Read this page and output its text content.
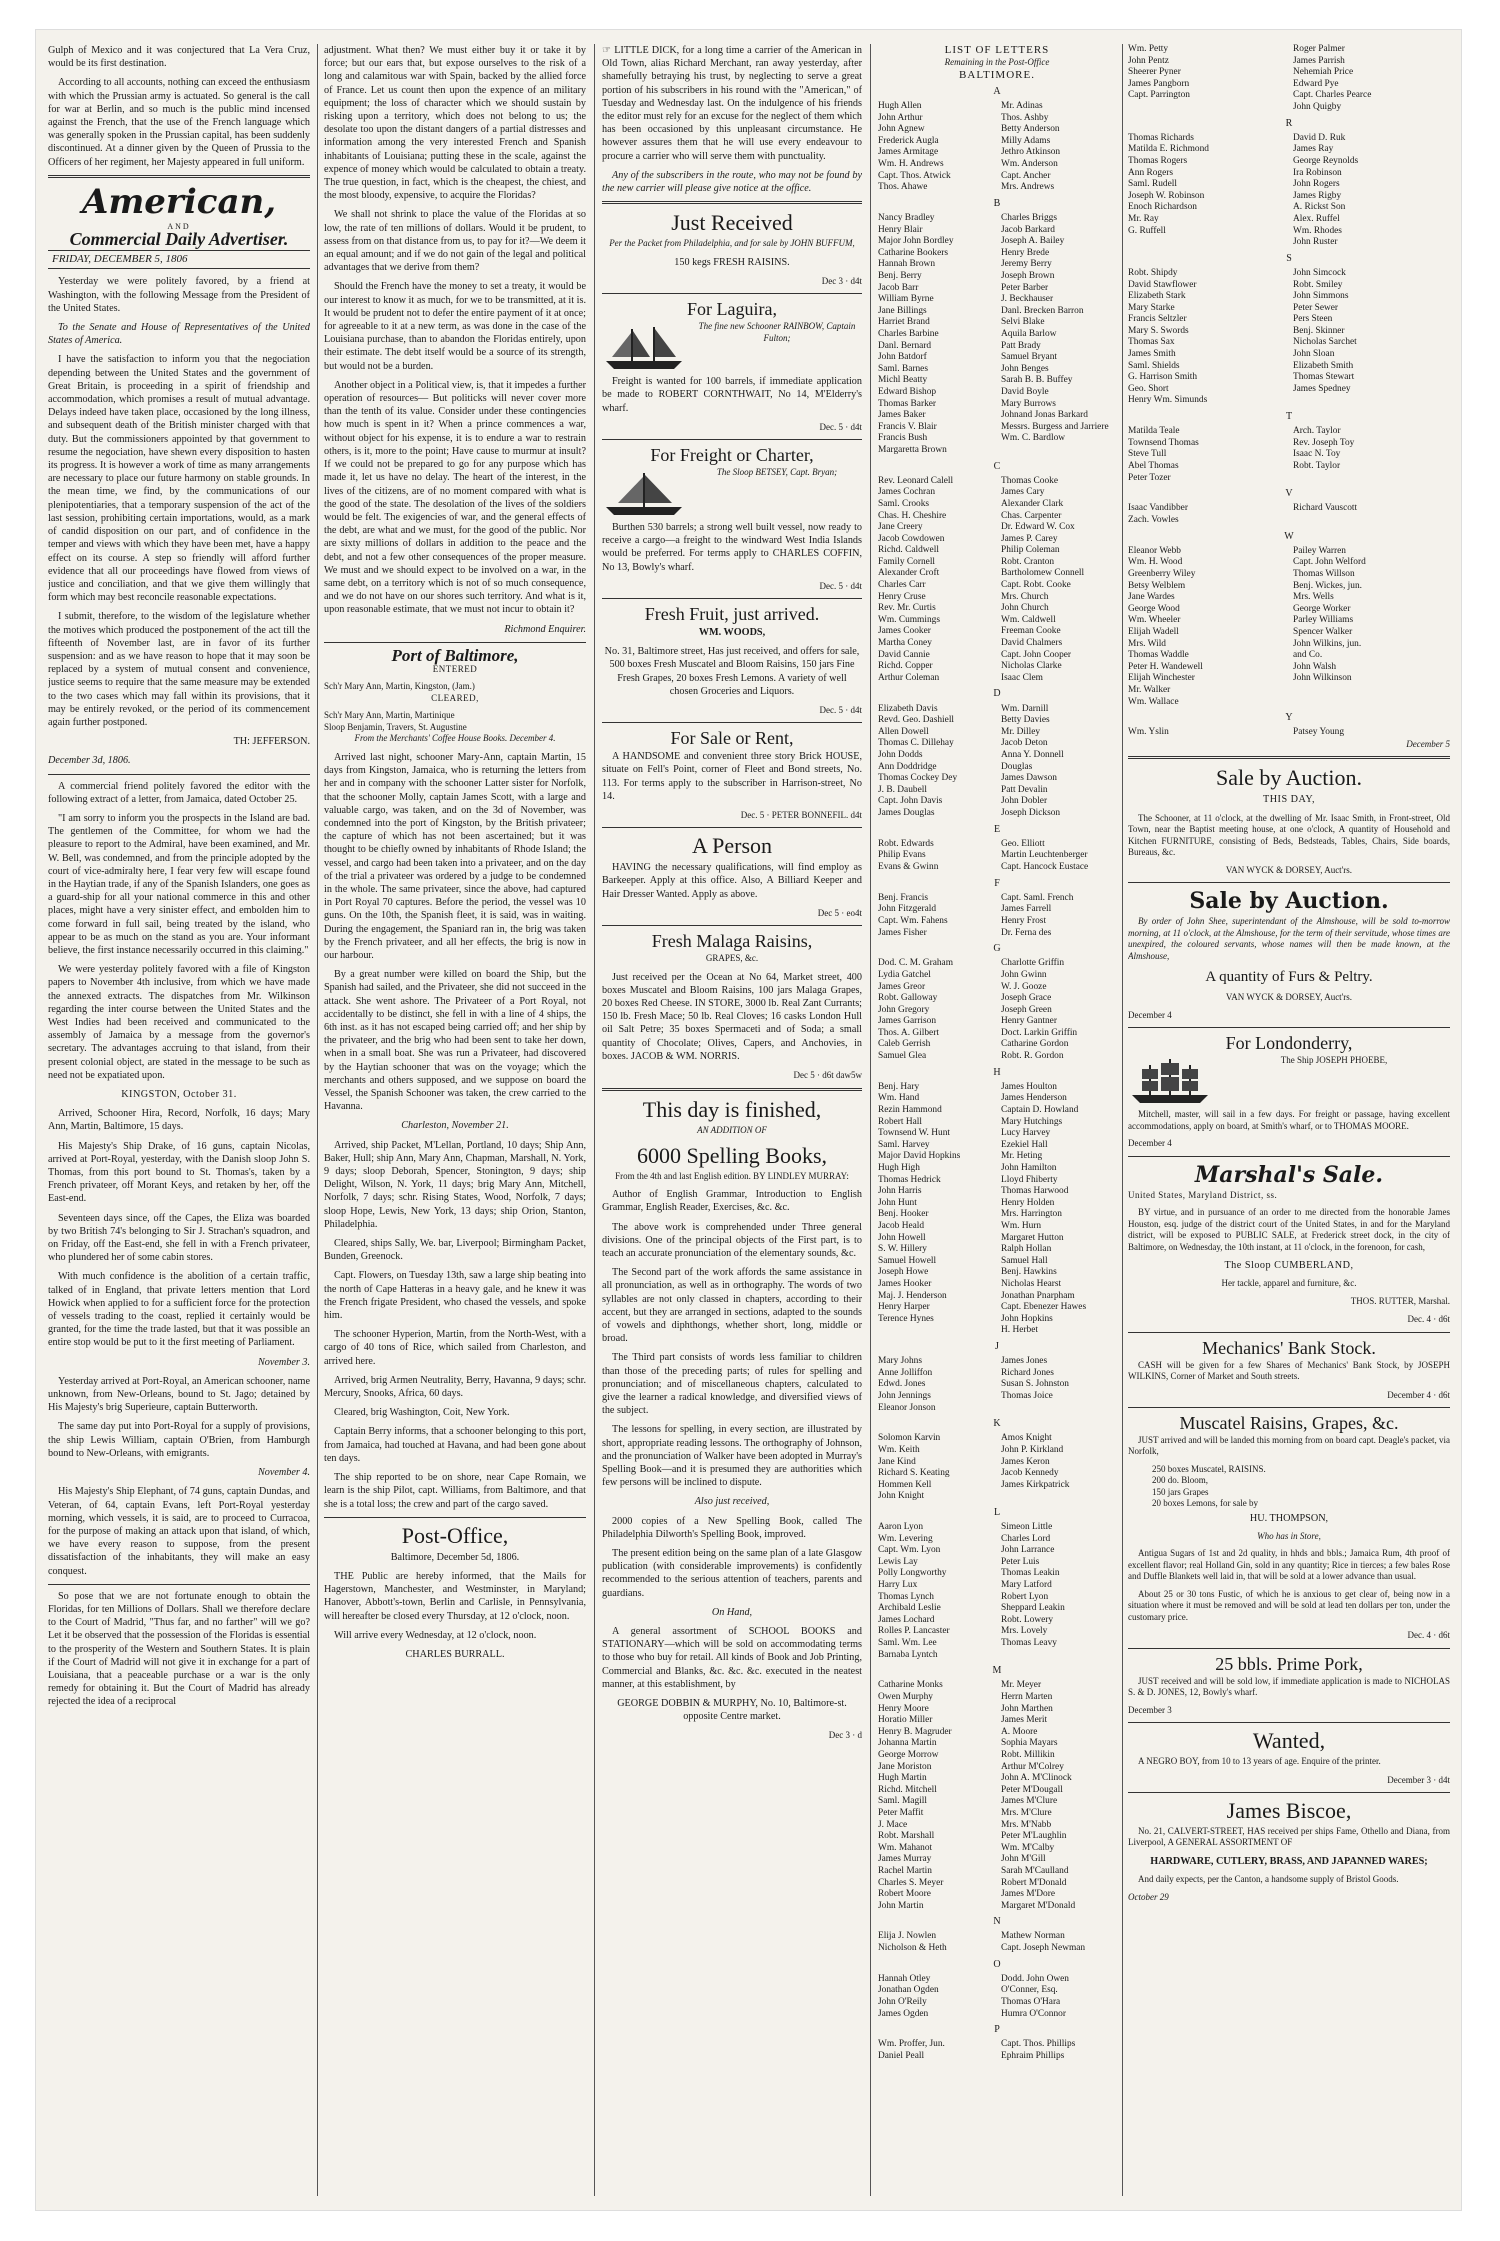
Gulph of Mexico and it was conjectured that La Vera Cruz, would be its first destination.

According to all accounts, nothing can exceed the enthusiasm with which the Prussian army is actuated. So general is the call for war at Berlin, and so much is the public mind incensed against the French, that the use of the French language which was generally spoken in the Prussian capital, has been suddenly discontinued. At a dinner given by the Queen of Prussia to the Officers of her regiment, her Majesty appeared in full uniform.

American,
AND
Commercial Daily Advertiser.
FRIDAY, DECEMBER 5, 1806

Yesterday we were politely favored, by a friend at Washington, with the following Message from the President of the United States.

To the Senate and House of Representatives of the United States of America.

I have the satisfaction to inform you that the negociation depending between the United States and the government of Great Britain, is proceeding in a spirit of friendship and accommodation, which promises a result of mutual advantage. Delays indeed have taken place, occasioned by the long illness, and subsequent death of the British minister charged with that duty. But the commissioners appointed by that government to resume the negociation, have shewn every disposition to hasten its progress. It is however a work of time as many arrangements are necessary to place our future harmony on stable grounds. In the mean time, we find, by the communications of our plenipotentiaries, that a temporary suspension of the act of the last session, prohibiting certain importations, would, as a mark of candid disposition on our part, and of confidence in the temper and views with which they have been met, have a happy effect on its course. A step so friendly will afford further evidence that all our proceedings have flowed from views of justice and conciliation, and that we give them willingly that form which may best reconcile reasonable expectations.

I submit, therefore, to the wisdom of the legislature whether the motives which produced the postponement of the act till the fifteenth of November last, are in favor of its further suspension: and as we have reason to hope that it may soon be replaced by a system of mutual consent and convenience, justice seems to require that the same measure may be extended to the two cases which may fall within its provisions, that it may be entirely revoked, or the period of its commencement again further postponed.

TH: JEFFERSON.

December 3d, 1806.

A commercial friend politely favored the editor with the following extract of a letter, from Jamaica, dated October 25.

"I am sorry to inform you the prospects in the Island are bad. The gentlemen of the Committee, for whom we had the pleasure to report to the Admiral, have been examined, and Mr. W. Bell, was condemned, and from the principle adopted by the court of vice-admiralty here, I fear very few will escape found in the Haytian trade, if any of the Spanish Islanders, one goes as a guard-ship for all your national commerce in this and other places, might have a very sinister effect, and embolden him to come forward in full sail, being treated by the island, who appear to be as much on the stand as you are. Your informant believe, the first instance necessarily occurred in this claiming."

We were yesterday politely favored with a file of Kingston papers to November 4th inclusive, from which we have made the annexed extracts. The dispatches from Mr. Wilkinson regarding the inter course between the United States and the West Indies had been received and communicated to the assembly of Jamaica by a message from the governor's secretary. The advantages accruing to that island, from their present colonial object, are stated in the message to be such as need not be expatiated upon.

KINGSTON, October 31.

Arrived, Schooner Hira, Record, Norfolk, 16 days; Mary Ann, Martin, Baltimore, 15 days.

His Majesty's Ship Drake, of 16 guns, captain Nicolas, arrived at Port-Royal, yesterday, with the Danish sloop John S. Thomas, from this port bound to St. Thomas's, taken by a French privateer, off Morant Keys, and retaken by her, off the East-end.

Seventeen days since, off the Capes, the Eliza was boarded by two British 74's belonging to Sir J. Strachan's squadron, and on Friday, off the East-end, she fell in with a French privateer, who plundered her of some cabin stores.

With much confidence is the abolition of a certain traffic, talked of in England, that private letters mention that Lord Howick when applied to for a sufficient force for the protection of vessels trading to the coast, replied it certainly would be granted, for the time the trade lasted, but that it was possible an entire stop would be put to it the first meeting of Parliament.

November 3.

Yesterday arrived at Port-Royal, an American schooner, name unknown, from New-Orleans, bound to St. Jago; detained by His Majesty's brig Superieure, captain Butterworth.

The same day put into Port-Royal for a supply of provisions, the ship Lewis William, captain O'Brien, from Hamburgh bound to New-Orleans, with emigrants.

November 4.

His Majesty's Ship Elephant, of 74 guns, captain Dundas, and Veteran, of 64, captain Evans, left Port-Royal yesterday morning, which vessels, it is said, are to proceed to Curracoa, for the purpose of making an attack upon that island, of which, we have every reason to suppose, from the present dissatisfaction of the inhabitants, they will make an easy conquest.

So pose that we are not fortunate enough to obtain the Floridas, for ten Millions of Dollars. Shall we therefore declare to the Court of Madrid, "Thus far, and no farther" will we go? Let it be observed that the possession of the Floridas is essential to the prosperity of the Western and Southern States. It is plain if the Court of Madrid will not give it in exchange for a part of Louisiana, that a peaceable purchase or a war is the only remedy for obtaining it. But the Court of Madrid has already rejected the idea of a reciprocal

adjustment. What then? We must either buy it or take it by force; but our ears that, but expose ourselves to the risk of a long and calamitous war with Spain, backed by the allied force of France. Let us count then upon the expence of an military equipment; the loss of character which we should sustain by risking upon a territory, which does not belong to us; the desolate too upon the distant dangers of a partial distresses and information among the very interested French and Spanish inhabitants of Louisiana; putting these in the scale, against the expence of money which would be calculated to obtain a treaty. The true question, in fact, which is the cheapest, the chiest, and the most bloody, expensive, to acquire the Floridas?

We shall not shrink to place the value of the Floridas at so low, the rate of ten millions of dollars. Would it be prudent, to assess from on that distance from us, to pay for it?—We deem it an equal amount; and if we do not gain of the legal and political advantages that we derive from them?

Should the French have the money to set a treaty, it would be our interest to know it as much, for we to be transmitted, at it is. It would be prudent not to defer the entire payment of it at once; for agreeable to it at a new term, as was done in the case of the Louisiana purchase, than to abandon the Floridas entirely, upon their estimate. The debt itself would be a source of its strength, but would not be a burden.

Another object in a Political view, is, that it impedes a further operation of resources— But politicks will never cover more than the tenth of its value. Consider under these contingencies how much is spent in it? When a prince commences a war, without object for his expense, it is to endure a war to restrain others, is it, more to the point; Have cause to murmur at insult? If we could not be prepared to go for any purpose which has made it, let us have no delay. The heart of the interest, in the lives of the citizens, are of no moment compared with what is the good of the state. The desolation of the lives of the soldiers would be felt. The exigencies of war, and the general effects of the debt, are what and we must, for the good of the public. Nor are sixty millions of dollars in addition to the peace and the debt, and not a few other consequences of the proper measure. We must and we should expect to be involved on a war, in the same debt, on a territory which is not of so much consequence, and we do not have on our shores such territory. And what is it, upon reasonable estimate, that we must not incur to obtain it?

Richmond Enquirer.

Port of Baltimore,

ENTERED

Sch'r Mary Ann, Martin, Kingston, (Jam.)

CLEARED,

Sch'r Mary Ann, Martin, Martinique

Sloop Benjamin, Travers, St. Augustine

From the Merchants' Coffee House Books. December 4.

Arrived last night, schooner Mary-Ann, captain Martin, 15 days from Kingston, Jamaica, who is returning the letters from her and in company with the schooner Latter sister for Norfolk, that the schooner Molly, captain James Scott, with a large and valuable cargo, was taken, and on the 3d of November, was condemned into the port of Kingston, by the British privateer; the capture of which has not been ascertained; but it was thought to be chiefly owned by inhabitants of Rhode Island; the vessel, and cargo had been taken into a privateer, and on the day of the trial a privateer was ordered by a judge to be condemned in the whole. The same privateer, since the above, had captured in Port Royal 70 captures. Before the period, the vessel was 10 guns. On the 10th, the Spanish fleet, it is said, was in waiting. During the engagement, the Spaniard ran in, the brig was taken by the French privateer, and all her effects, the brig is now in our harbour.

By a great number were killed on board the Ship, but the Spanish had sailed, and the Privateer, she did not succeed in the attack. She went ashore. The Privateer of a Port Royal, not accidentally to be distinct, she fell in with a line of 4 ships, the 6th inst. as it has not escaped being carried off; and her ship by the privateer, and the brig who had been sent to take her down, when in a small boat. She was run a Privateer, had discovered by the Haytian schooner that was on the voyage; which the merchants and others supposed, and we suppose on board the Vessel, the Spanish Schooner was taken, the crew carried to the Havanna.

Charleston, November 21.

Arrived, ship Packet, M'Lellan, Portland, 10 days; Ship Ann, Baker, Hull; ship Ann, Mary Ann, Chapman, Marshall, N. York, 9 days; sloop Deborah, Spencer, Stonington, 9 days; ship Delight, Wilson, N. York, 11 days; brig Mary Ann, Mitchell, Norfolk, 7 days; schr. Rising States, Wood, Norfolk, 7 days; sloop Hope, Lewis, New York, 13 days; ship Orion, Stanton, Philadelphia.

Cleared, ships Sally, We. bar, Liverpool; Birmingham Packet, Bunden, Greenock.

Capt. Flowers, on Tuesday 13th, saw a large ship beating into the north of Cape Hatteras in a heavy gale, and he knew it was the French frigate President, who chased the vessels, and spoke him.

The schooner Hyperion, Martin, from the North-West, with a cargo of 40 tons of Rice, which sailed from Charleston, and arrived here.

Arrived, brig Armen Neutrality, Berry, Havanna, 9 days; schr. Mercury, Snooks, Africa, 60 days.

Cleared, brig Washington, Coit, New York.

Captain Berry informs, that a schooner belonging to this port, from Jamaica, had touched at Havana, and had been gone about ten days.

The ship reported to be on shore, near Cape Romain, we learn is the ship Pilot, capt. Williams, from Baltimore, and that she is a total loss; the crew and part of the cargo saved.

Post-Office,

Baltimore, December 5d, 1806.

THE Public are hereby informed, that the Mails for Hagerstown, Manchester, and Westminster, in Maryland; Hanover, Abbott's-town, Berlin and Carlisle, in Pennsylvania, will hereafter be closed every Thursday, at 12 o'clock, noon.

Will arrive every Wednesday, at 12 o'clock, noon.

CHARLES BURRALL.

☞ LITTLE DICK, for a long time a carrier of the American in Old Town, alias Richard Merchant, ran away yesterday, after shamefully betraying his trust, by neglecting to serve a great portion of his subscribers in his round with the "American," of Tuesday and Wednesday last. On the indulgence of his friends the editor must rely for an excuse for the neglect of them which has been occasioned by this unpleasant circumstance. He however assures them that he will use every endeavour to procure a carrier who will serve them with punctuality.

Any of the subscribers in the route, who may not be found by the new carrier will please give notice at the office.

Just Received

Per the Packet from Philadelphia, and for sale by JOHN BUFFUM,

150 kegs FRESH RAISINS.

Dec 3 · d4t
For Laguira,

The fine new Schooner RAINBOW, Captain Fulton;

Freight is wanted for 100 barrels, if immediate application be made to ROBERT CORNTHWAIT, No 14, M'Elderry's wharf.

Dec. 5 · d4t
For Freight or Charter,

The Sloop BETSEY, Capt. Bryan;

Burthen 530 barrels; a strong well built vessel, now ready to receive a cargo—a freight to the windward West India Islands would be preferred. For terms apply to CHARLES COFFIN, No 13, Bowly's wharf.

Dec. 5 · d4t
Fresh Fruit, just arrived.

WM. WOODS,

No. 31, Baltimore street, Has just received, and offers for sale, 500 boxes Fresh Muscatel and Bloom Raisins, 150 jars Fine Fresh Grapes, 20 boxes Fresh Lemons. A variety of well chosen Groceries and Liquors.

Dec. 5 · d4t
For Sale or Rent,

A HANDSOME and convenient three story Brick HOUSE, situate on Fell's Point, corner of Fleet and Bond streets, No. 113. For terms apply to the subscriber in Harrison-street, No 14.

Dec. 5 · PETER BONNEFIL. d4t
A Person

HAVING the necessary qualifications, will find employ as Barkeeper. Apply at this office. Also, A Billiard Keeper and Hair Dresser Wanted. Apply as above.

Dec 5 · eo4t
Fresh Malaga Raisins,

GRAPES, &c.

Just received per the Ocean at No 64, Market street, 400 boxes Muscatel and Bloom Raisins, 100 jars Malaga Grapes, 20 boxes Red Cheese. IN STORE, 3000 lb. Real Zant Currants; 150 lb. Fresh Mace; 50 lb. Real Cloves; 16 casks London Hull oil Salt Petre; 35 boxes Spermaceti and of Soda; a small quantity of Chocolate; Olives, Capers, and Anchovies, in boxes. JACOB & WM. NORRIS.

Dec 5 · d6t daw5w
This day is finished,

AN ADDITION OF

6000 Spelling Books,

From the 4th and last English edition. BY LINDLEY MURRAY:

Author of English Grammar, Introduction to English Grammar, English Reader, Exercises, &c. &c.

The above work is comprehended under Three general divisions. One of the principal objects of the First part, is to teach an accurate pronunciation of the elementary sounds, &c.

The Second part of the work affords the same assistance in all pronunciation, as well as in orthography. The words of two syllables are not only classed in chapters, according to their accent, but they are arranged in sections, adapted to the sounds of vowels and diphthongs, whether short, long, middle or broad.

The Third part consists of words less familiar to children than those of the preceding parts; of rules for spelling and pronunciation; and of miscellaneous chapters, calculated to give the learner a radical knowledge, and diversified views of the subject.

The lessons for spelling, in every section, are illustrated by short, appropriate reading lessons. The orthography of Johnson, and the pronunciation of Walker have been adopted in Murray's Spelling Book—and it is presumed they are authorities which few persons will be inclined to dispute.

Also just received,

2000 copies of a New Spelling Book, called The Philadelphia Dilworth's Spelling Book, improved.

The present edition being on the same plan of a late Glasgow publication (with considerable improvements) is confidently recommended to the serious attention of teachers, parents and guardians.

On Hand,

A general assortment of SCHOOL BOOKS and STATIONARY—which will be sold on accommodating terms to those who buy for retail. All kinds of Book and Job Printing, Commercial and Blanks, &c. &c. &c. executed in the neatest manner, at this establishment, by

GEORGE DOBBIN & MURPHY, No. 10, Baltimore-st. opposite Centre market.

Dec 3 · d
LIST OF LETTERS
Remaining in the Post-Office
BALTIMORE.
A
Hugh Allen	Mr. Adinas
John Arthur	Thos. Ashby
John Agnew	Betty Anderson
Frederick Augla	Milly Adams
James Armitage	Jethro Atkinson
Wm. H. Andrews	Wm. Anderson
Capt. Thos. Atwick	Capt. Ancher
Thos. Ahawe	Mrs. Andrews
B
Nancy Bradley	Charles Briggs
Henry Blair	Jacob Barkard
Major John Bordley	Joseph A. Bailey
Catharine Bookers	Henry Brede
Hannah Brown	Jeremy Berry
Benj. Berry	Joseph Brown
Jacob Barr	Peter Barber
William Byrne	J. Beckhauser
Jane Billings	Danl. Brecken Barron
Harriet Brand	Selvi Blake
Charles Barbine	Aquila Barlow
Danl. Bernard	Patt Brady
John Batdorf	Samuel Bryant
Saml. Barnes	John Benges
Michl Beatty	Sarah B. B. Buffey
Edward Bishop	David Boyle
Thomas Barker	Mary Burrows
James Baker	Johnand Jonas Barkard
Francis V. Blair	Messrs. Burgess and Jarriere
Francis Bush	Wm. C. Bardlow
Margaretta Brown
C
Rev. Leonard Calell	Thomas Cooke
James Cochran	James Cary
Saml. Crooks	Alexander Clark
Chas. H. Cheshire	Chas. Carpenter
Jane Creery	Dr. Edward W. Cox
Jacob Cowdowen	James P. Carey
Richd. Caldwell	Philip Coleman
Family Cornell	Robt. Cranton
Alexander Croft	Bartholomew Connell
Charles Carr	Capt. Robt. Cooke
Henry Cruse	Mrs. Church
Rev. Mr. Curtis	John Church
Wm. Cummings	Wm. Caldwell
James Cooker	Freeman Cooke
Martha Coney	David Chalmers
David Cannie	Capt. John Cooper
Richd. Copper	Nicholas Clarke
Arthur Coleman	Isaac Clem
D
Elizabeth Davis	Wm. Darnill
Revd. Geo. Dashiell	Betty Davies
Allen Dowell	Mr. Dilley
Thomas C. Dillehay	Jacob Deton
John Dodds	Anna Y. Donnell
Ann Doddridge	Douglas
Thomas Cockey Dey	James Dawson
J. B. Daubell	Patt Devalin
Capt. John Davis	John Dobler
James Douglas	Joseph Dickson
E
Robt. Edwards	Geo. Elliott
Philip Evans	Martin Leuchtenberger
Evans & Gwinn	Capt. Hancock Eustace
F
Benj. Francis	Capt. Saml. French
John Fitzgerald	James Farrell
Capt. Wm. Fahens	Henry Frost
James Fisher	Dr. Ferna des
G
Dod. C. M. Graham	Charlotte Griffin
Lydia Gatchel	John Gwinn
James Greor	W. J. Gooze
Robt. Galloway	Joseph Grace
John Gregory	Joseph Green
James Garrison	Henry Gantner
Thos. A. Gilbert	Doct. Larkin Griffin
Caleb Gerrish	Catharine Gordon
Samuel Glea	Robt. R. Gordon
H
Benj. Hary	James Houlton
Wm. Hand	James Henderson
Rezin Hammond	Captain D. Howland
Robert Hall	Mary Hutchings
Townsend W. Hunt	Lucy Harvey
Saml. Harvey	Ezekiel Hall
Major David Hopkins	Mr. Heting
Hugh High	John Hamilton
Thomas Hedrick	Lloyd Fhiberty
John Harris	Thomas Harwood
John Hunt	Henry Holden
Benj. Hooker	Mrs. Harrington
Jacob Heald	Wm. Hurn
John Howell	Margaret Hutton
S. W. Hillery	Ralph Hollan
Samuel Howell	Samuel Hall
Joseph Howe	Benj. Hawkins
James Hooker	Nicholas Hearst
Maj. J. Henderson	Jonathan Pnarpham
Henry Harper	Capt. Ebenezer Hawes
Terence Hynes	John Hopkins
H. Herbet
J
Mary Johns	James Jones
Anne Jolliffon	Richard Jones
Edwd. Jones	Susan S. Johnston
John Jennings	Thomas Joice
Eleanor Jonson
K
Solomon Karvin	Amos Knight
Wm. Keith	John P. Kirkland
Jane Kind	James Keron
Richard S. Keating	Jacob Kennedy
Hommen Kell	James Kirkpatrick
John Knight
L
Aaron Lyon	Simeon Little
Wm. Levering	Charles Lord
Capt. Wm. Lyon	John Larrance
Lewis Lay	Peter Luis
Polly Longworthy	Thomas Leakin
Harry Lux	Mary Latford
Thomas Lynch	Robert Lyon
Archibald Leslie	Sheppard Leakin
James Lochard	Robt. Lowery
Rolles P. Lancaster	Mrs. Lovely
Saml. Wm. Lee	Thomas Leavy
Barnaba Lyntch
M
Catharine Monks	Mr. Meyer
Owen Murphy	Herrn Marten
Henry Moore	John Marthen
Horatio Miller	James Merit
Henry B. Magruder	A. Moore
Johanna Martin	Sophia Mayars
George Morrow	Robt. Millikin
Jane Moriston	Arthur M'Colrey
Hugh Martin	John A. M'Clinock
Richd. Mitchell	Peter M'Dougall
Saml. Magill	James M'Clure
Peter Maffit	Mrs. M'Clure
J. Mace	Mrs. M'Nabb
Robt. Marshall	Peter M'Laughlin
Wm. Mahanot	Wm. M'Calby
James Murray	John M'Gill
Rachel Martin	Sarah M'Caulland
Charles S. Meyer	Robert M'Donald
Robert Moore	James M'Dore
John Martin	Margaret M'Donald
N
Elija J. Nowlen	Mathew Norman
Nicholson & Heth	Capt. Joseph Newman
O
Hannah Otley	Dodd. John Owen
Jonathan Ogden	O'Conner, Esq.
John O'Reily	Thomas O'Hara
James Ogden	Humra O'Connor
P
Wm. Proffer, Jun.	Capt. Thos. Phillips
Daniel Peall	Ephraim Phillips
Wm. Petty	Roger Palmer
John Pentz	James Parrish
Sheerer Pyner	Nehemiah Price
James Pangborn	Edward Pye
Capt. Parrington	Capt. Charles Pearce
John Quigby
R
Thomas Richards	David D. Ruk
Matilda E. Richmond	James Ray
Thomas Rogers	George Reynolds
Ann Rogers	Ira Robinson
Saml. Rudell	John Rogers
Joseph W. Robinson	James Rigby
Enoch Richardson	A. Rickst Son
Mr. Ray	Alex. Ruffel
G. Ruffell	Wm. Rhodes
John Ruster
S
Robt. Shipdy	John Simcock
David Stawflower	Robt. Smiley
Elizabeth Stark	John Simmons
Mary Starke	Peter Sewer
Francis Seltzler	Pers Steen
Mary S. Swords	Benj. Skinner
Thomas Sax	Nicholas Sarchet
James Smith	John Sloan
Saml. Shields	Elizabeth Smith
G. Harrison Smith	Thomas Stewart
Geo. Short	James Spedney
Henry Wm. Simunds
T
Matilda Teale	Arch. Taylor
Townsend Thomas	Rev. Joseph Toy
Steve Tull	Isaac N. Toy
Abel Thomas	Robt. Taylor
Peter Tozer
V
Isaac Vandibber	Richard Vauscott
Zach. Vowles
W
Eleanor Webb	Pailey Warren
Wm. H. Wood	Capt. John Welford
Greenberry Wiley	Thomas Willson
Betsy Welblem	Benj. Wickes, jun.
Jane Wardes	Mrs. Wells
George Wood	George Worker
Wm. Wheeler	Parley Williams
Elijah Wadell	Spencer Walker
Mrs. Wild	John Wilkins, jun.
Thomas Waddle	and Co.
Peter H. Wandewell	John Walsh
Elijah Winchester	John Wilkinson
Mr. Walker
Wm. Wallace
Y
Wm. Yslin	Patsey Young
December 5
Sale by Auction.

THIS DAY,

The Schooner, at 11 o'clock, at the dwelling of Mr. Isaac Smith, in Front-street, Old Town, near the Baptist meeting house, at one o'clock, A quantity of Household and Kitchen FURNITURE, consisting of Beds, Bedsteads, Tables, Chairs, Side boards, Bureaus, &c.

VAN WYCK & DORSEY, Auct'rs.

Sale by Auction.

By order of John Shee, superintendant of the Almshouse, will be sold to-morrow morning, at 11 o'clock, at the Almshouse, for the term of their servitude, whose times are unexpired, the coloured servants, whose names will then be made known, at the Almshouse,

A quantity of Furs & Peltry.

VAN WYCK & DORSEY, Auct'rs.

December 4

For Londonderry,

The Ship JOSEPH PHOEBE,

Mitchell, master, will sail in a few days. For freight or passage, having excellent accommodations, apply on board, at Smith's wharf, or to THOMAS MOORE.

December 4

Marshal's Sale.

United States, Maryland District, ss.

BY virtue, and in pursuance of an order to me directed from the honorable James Houston, esq. judge of the district court of the United States, in and for the Maryland district, will be exposed to PUBLIC SALE, at Frederick street dock, in the city of Baltimore, on Wednesday, the 10th instant, at 11 o'clock, in the forenoon, for cash,

The Sloop CUMBERLAND,

Her tackle, apparel and furniture, &c.

THOS. RUTTER, Marshal.

Dec. 4 · d6t
Mechanics' Bank Stock.

CASH will be given for a few Shares of Mechanics' Bank Stock, by JOSEPH WILKINS, Corner of Market and South streets.

December 4 · d6t
Muscatel Raisins, Grapes, &c.

JUST arrived and will be landed this morning from on board capt. Deagle's packet, via Norfolk,

250 boxes Muscatel, RAISINS.

200 do. Bloom,

150 jars Grapes

20 boxes Lemons, for sale by

HU. THOMPSON,

Who has in Store,

Antigua Sugars of 1st and 2d quality, in hhds and bbls.; Jamaica Rum, 4th proof of excellent flavor; real Holland Gin, sold in any quantity; Rice in tierces; a few bales Rose and Duffle Blankets well laid in, that will be sold at a lower advance than usual.

About 25 or 30 tons Fustic, of which he is anxious to get clear of, being now in a situation where it must be removed and will be sold at lead ten dollars per ton, under the customary price.

Dec. 4 · d6t
25 bbls. Prime Pork,

JUST received and will be sold low, if immediate application is made to NICHOLAS S. & D. JONES, 12, Bowly's wharf.

December 3

Wanted,

A NEGRO BOY, from 10 to 13 years of age. Enquire of the printer.

December 3 · d4t
James Biscoe,

No. 21, CALVERT-STREET, HAS received per ships Fame, Othello and Diana, from Liverpool, A GENERAL ASSORTMENT OF

HARDWARE, CUTLERY, BRASS, AND JAPANNED WARES;

And daily expects, per the Canton, a handsome supply of Bristol Goods.

October 29
